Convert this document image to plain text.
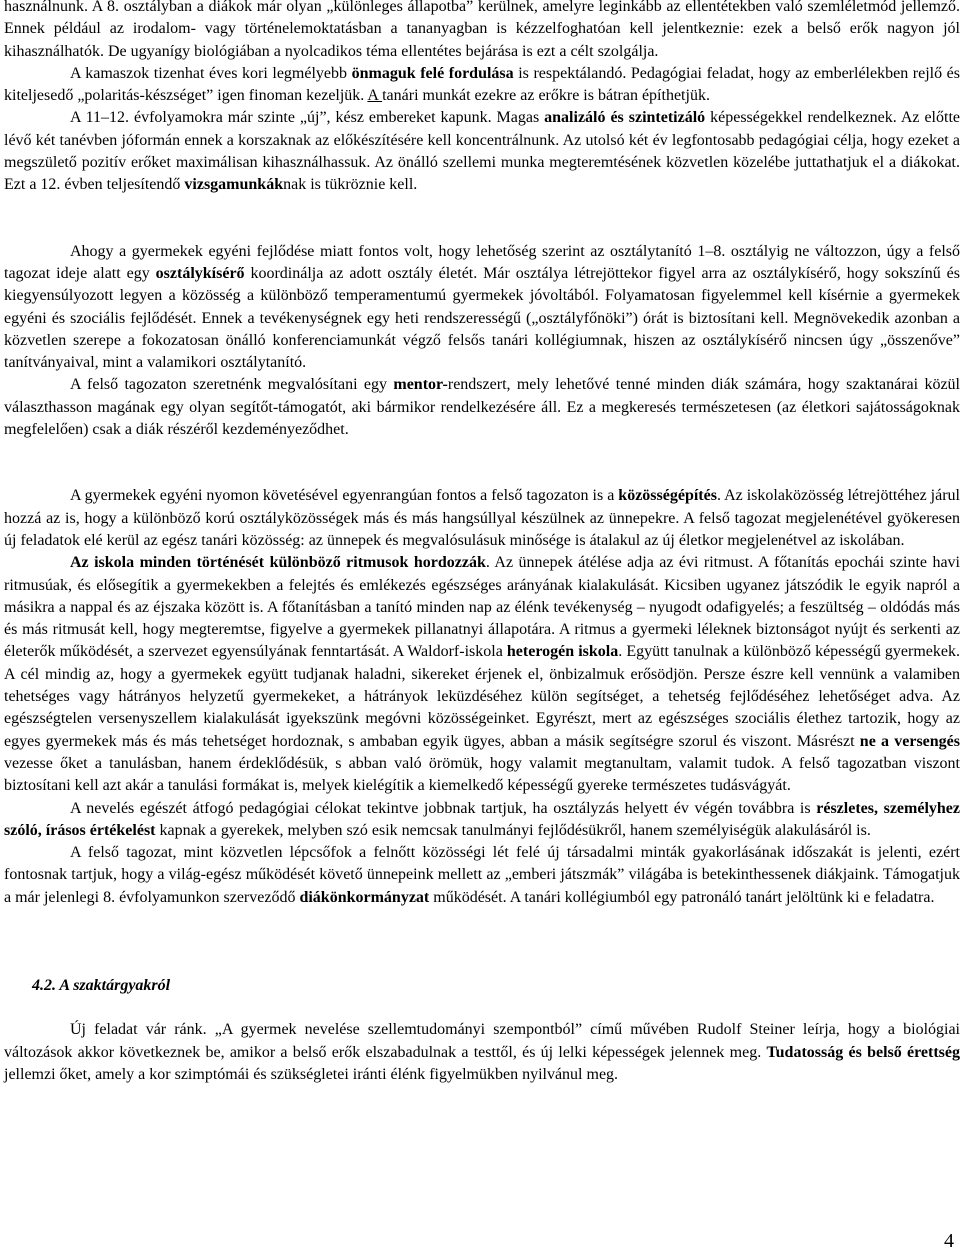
használnunk. A 8. osztályban a diákok már olyan „különleges állapotba” kerülnek, amelyre leginkább az ellentétekben való szemléletmód jellemző. Ennek például az irodalom- vagy történelemoktatásban a tananyagban is kézzelfoghatóan kell jelentkeznie: ezek a belső erők nagyon jól kihasználhatók. De ugyanígy biológiában a nyolcadikos téma ellentétes bejárása is ezt a célt szolgálja.

A kamaszok tizenhat éves kori legmélyebb önmaguk felé fordulása is respektálandó. Pedagógiai feladat, hogy az emberlélekben rejlő és kiteljesedő „polaritás-készséget” igen finoman kezeljük. A tanári munkát ezekre az erőkre is bátran építhetjük.

A 11–12. évfolyamokra már szinte „új”, kész embereket kapunk. Magas analizáló és szintetizáló képességekkel rendelkeznek. Az előtte lévő két tanévben jóformán ennek a korszaknak az előkészítésére kell koncentrálnunk. Az utolsó két év legfontosabb pedagógiai célja, hogy ezeket a megszülető pozitív erőket maximálisan kihasználhassuk. Az önálló szellemi munka megteremtésének közvetlen közelébe juttathatjuk el a diákokat. Ezt a 12. évben teljesítendő vizsgamunkáknak is tükröznie kell.

Ahogy a gyermekek egyéni fejlődése miatt fontos volt, hogy lehetőség szerint az osztálytanító 1–8. osztályig ne változzon, úgy a felső tagozat ideje alatt egy osztálykísérő koordinálja az adott osztály életét. Már osztálya létrejöttekor figyel arra az osztálykísérő, hogy sokszínű és kiegyensúlyozott legyen a közösség a különböző temperamentumú gyermekek jóvoltából. Folyamatosan figyelemmel kell kísérnie a gyermekek egyéni és szociális fejlődését. Ennek a tevékenységnek egy heti rendszerességű („osztályfőnöki”) órát is biztosítani kell. Megnövekedik azonban a közvetlen szerepe a fokozatosan önálló konferenciamunkát végző felsős tanári kollégiumnak, hiszen az osztálykísérő nincsen úgy „összenőve” tanítványaival, mint a valamikori osztálytanító.

A felső tagozaton szeretnénk megvalósítani egy mentor-rendszert, mely lehetővé tenné minden diák számára, hogy szaktanárai közül választhasson magának egy olyan segítőt-támogatót, aki bármikor rendelkezésére áll. Ez a megkeresés természetesen (az életkori sajátosságoknak megfelelően) csak a diák részéről kezdeményeződhet.

A gyermekek egyéni nyomon követésével egyenrangúan fontos a felső tagozaton is a közösségépítés. Az iskolaközösség létrejöttéhez járul hozzá az is, hogy a különböző korú osztályközösségek más és más hangsúllyal készülnek az ünnepekre. A felső tagozat megjelenétével gyökeresen új feladatok elé kerül az egész tanári közösség: az ünnepek és megvalósulásuk minősége is átalakul az új életkor megjelenétvel az iskolában.

Az iskola minden történését különböző ritmusok hordozzák. Az ünnepek átélése adja az évi ritmust. A főtanítás epochái szinte havi ritmusúak, és elősegítik a gyermekekben a felejtés és emlékezés egészséges arányának kialakulását. Kicsiben ugyanez játszódik le egyik napról a másikra a nappal és az éjszaka között is. A főtanításban a tanító minden nap az élénk tevékenység – nyugodt odafigyelés; a feszültség – oldódás más és más ritmusát kell, hogy megteremtse, figyelve a gyermekek pillanatnyi állapotára. A ritmus a gyermeki léleknek biztonságot nyújt és serkenti az életerők működését, a szervezet egyensúlyának fenntartását. A Waldorf-iskola heterogén iskola. Együtt tanulnak a különböző képességű gyermekek. A cél mindig az, hogy a gyermekek együtt tudjanak haladni, sikereket érjenek el, önbizalmuk erősödjön. Persze észre kell vennünk a valamiben tehetséges vagy hátrányos helyzetű gyermekeket, a hátrányok leküzdéséhez külön segítséget, a tehetség fejlődéséhez lehetőséget adva. Az egészségtelen versenyszellem kialakulását igyekszünk megóvni közösségeinket. Egyrészt, mert az egészséges szociális élethez tartozik, hogy az egyes gyermekek más és más tehetséget hordoznak, s ambaban egyik ügyes, abban a másik segítségre szorul és viszont. Másrészt ne a versengés vezesse őket a tanulásban, hanem érdeklődésük, s abban való örömük, hogy valamit megtanultam, valamit tudok. A felső tagozatban viszont biztosítani kell azt akár a tanulási formákat is, melyek kielégítik a kiemelkedő képességű gyereke természetes tudásvágyát.

A nevelés egészét átfogó pedagógiai célokat tekintve jobbnak tartjuk, ha osztályzás helyett év végén továbbra is részletes, személyhez szóló, írásos értékelést kapnak a gyerekek, melyben szó esik nemcsak tanulmányi fejlődésükről, hanem személyiségük alakulásáról is.

A felső tagozat, mint közvetlen lépcsőfok a felnőtt közösségi lét felé új társadalmi minták gyakorlásának időszakát is jelenti, ezért fontosnak tartjuk, hogy a világ-egész működését követő ünnepeink mellett az „emberi játszmák” világába is betekinthessenek diákjaink. Támogatjuk a már jelenlegi 8. évfolyamunkon szerveződő diákönkormányzat működését. A tanári kollégiumból egy patronáló tanárt jelöltünk ki e feladatra.

4.2. A szaktárgyakról

Új feladat vár ránk. „A gyermek nevelése szellemtudományi szempontból” című művében Rudolf Steiner leírja, hogy a biológiai változások akkor következnek be, amikor a belső erők elszabadulnak a testtől, és új lelki képességek jelennek meg. Tudatosság és belső érettség jellemzi őket, amely a kor szimptómái és szükségletei iránti élénk figyelmükben nyilvánul meg.

4
